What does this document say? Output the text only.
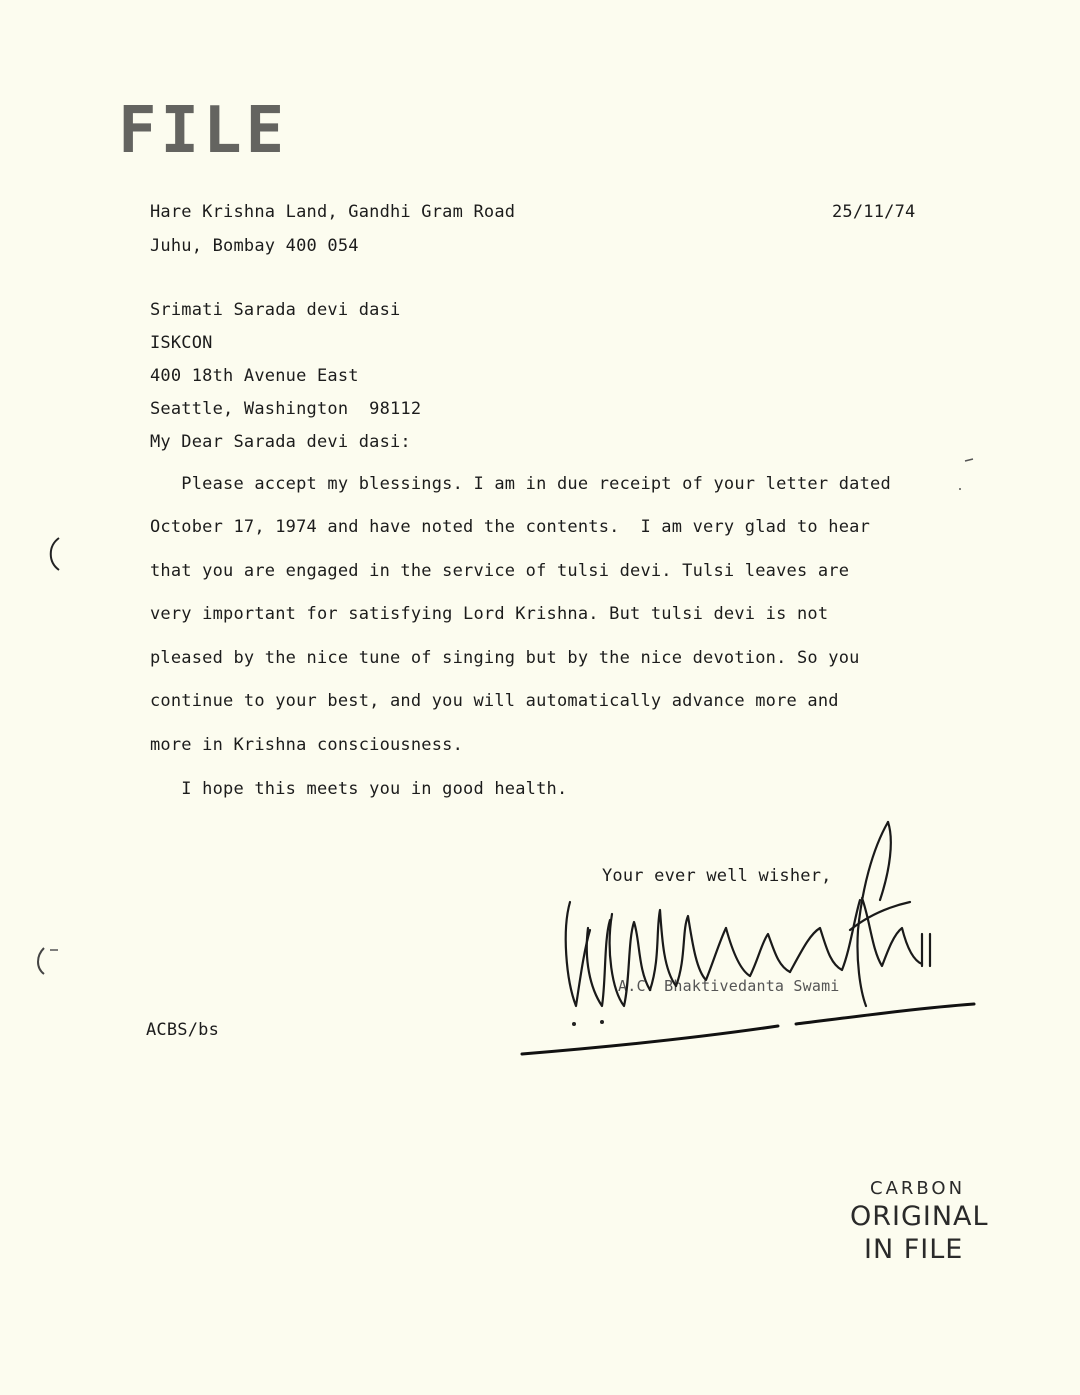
FILE
Hare Krishna Land, Gandhi Gram Road
Juhu, Bombay 400 054
25/11/74
Srimati Sarada devi dasi
ISKCON
400 18th Avenue East
Seattle, Washington  98112
My Dear Sarada devi dasi:
Please accept my blessings. I am in due receipt of your letter dated
October 17, 1974 and have noted the contents.  I am very glad to hear
that you are engaged in the service of tulsi devi. Tulsi leaves are
very important for satisfying Lord Krishna. But tulsi devi is not
pleased by the nice tune of singing but by the nice devotion. So you
continue to your best, and you will automatically advance more and
more in Krishna consciousness.
I hope this meets you in good health.
Your ever well wisher,
A.C. Bhaktivedanta Swami
ACBS/bs
CARBON
ORIGINAL
IN FILE
